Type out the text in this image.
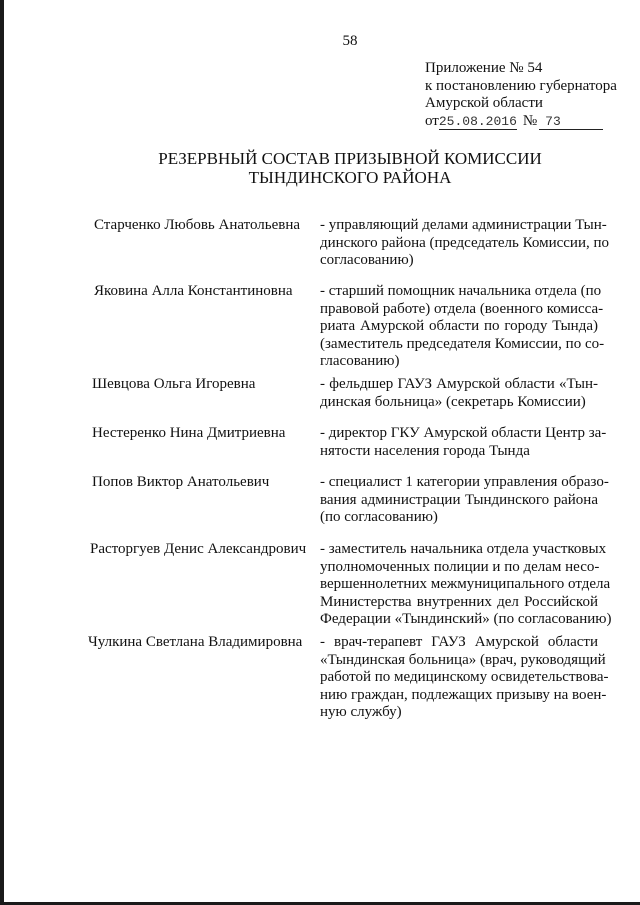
58
Приложение № 54
к постановлению губернатора
Амурской области
от25.08.2016 № 73
РЕЗЕРВНЫЙ СОСТАВ ПРИЗЫВНОЙ КОМИССИИ
ТЫНДИНСКОГО РАЙОНА
Старченко Любовь Анатольевна - управляющий делами администрации Тын-
динского района (председатель Комиссии, по
согласованию)
Яковина Алла Константиновна - старший помощник начальника отдела (по
правовой работе) отдела (военного комисса-
риата Амурской области по городу Тында)
(заместитель председателя Комиссии, по со-
гласованию)
Шевцова Ольга Игоревна	- фельдшер ГАУЗ Амурской области «Тын-
динская больница» (секретарь Комиссии)
Нестеренко Нина Дмитриевна - директор ГКУ Амурской области Центр за-
нятости населения города Тында
Попов Виктор Анатольевич	- специалист 1 категории управления образо-
вания администрации Тындинского района
(по согласованию)
Расторгуев Денис Александрович - заместитель начальника отдела участковых
уполномоченных полиции и по делам несо-
вершеннолетних межмуниципального отдела
Министерства внутренних дел Российской
Федерации «Тындинский» (по согласованию)
Чулкина Светлана Владимировна - врач-терапевт ГАУЗ Амурской области
«Тындинская больница» (врач, руководящий
работой по медицинскому освидетельствова-
нию граждан, подлежащих призыву на воен-
ную службу)
